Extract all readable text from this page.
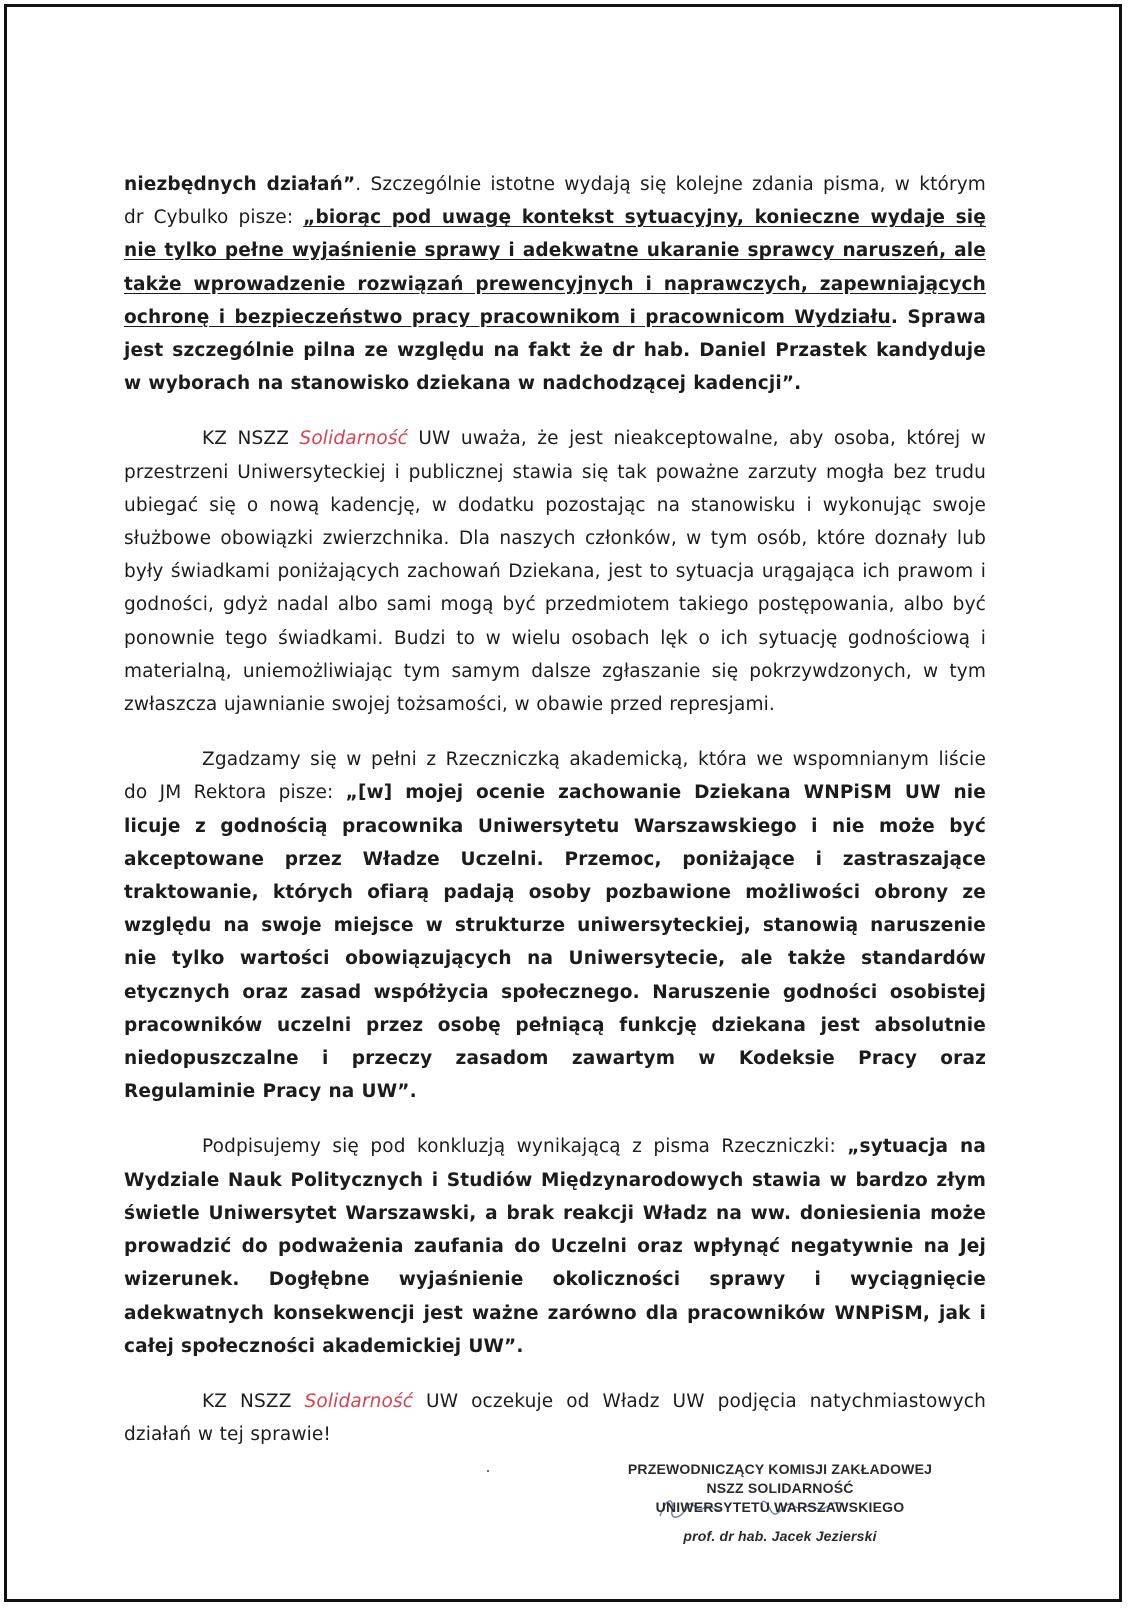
niezbędnych działań”. Szczególnie istotne wydają się kolejne zdania pisma, w którym dr Cybulko pisze: „biorąc pod uwagę kontekst sytuacyjny, konieczne wydaje się nie tylko pełne wyjaśnienie sprawy i adekwatne ukaranie sprawcy naruszeń, ale także wprowadzenie rozwiązań prewencyjnych i naprawczych, zapewniających ochronę i bezpieczeństwo pracy pracownikom i pracownicom Wydziału. Sprawa jest szczególnie pilna ze względu na fakt że dr hab. Daniel Przastek kandyduje w wyborach na stanowisko dziekana w nadchodzącej kadencji”.

KZ NSZZ Solidarność UW uważa, że jest nieakceptowalne, aby osoba, której w przestrzeni Uniwersyteckiej i publicznej stawia się tak poważne zarzuty mogła bez trudu ubiegać się o nową kadencję, w dodatku pozostając na stanowisku i wykonując swoje służbowe obowiązki zwierzchnika. Dla naszych członków, w tym osób, które doznały lub były świadkami poniżających zachowań Dziekana, jest to sytuacja urągająca ich prawom i godności, gdyż nadal albo sami mogą być przedmiotem takiego postępowania, albo być ponownie tego świadkami. Budzi to w wielu osobach lęk o ich sytuację godnościową i materialną, uniemożliwiając tym samym dalsze zgłaszanie się pokrzywdzonych, w tym zwłaszcza ujawnianie swojej tożsamości, w obawie przed represjami.

Zgadzamy się w pełni z Rzeczniczką akademicką, która we wspomnianym liście do JM Rektora pisze: „[w] mojej ocenie zachowanie Dziekana WNPiSM UW nie licuje z godnością pracownika Uniwersytetu Warszawskiego i nie może być akceptowane przez Władze Uczelni. Przemoc, poniżające i zastraszające traktowanie, których ofiarą padają osoby pozbawione możliwości obrony ze względu na swoje miejsce w strukturze uniwersyteckiej, stanowią naruszenie nie tylko wartości obowiązujących na Uniwersytecie, ale także standardów etycznych oraz zasad współżycia społecznego. Naruszenie godności osobistej pracowników uczelni przez osobę pełniącą funkcję dziekana jest absolutnie niedopuszczalne i przeczy zasadom zawartym w Kodeksie Pracy oraz Regulaminie Pracy na UW”.

Podpisujemy się pod konkluzją wynikającą z pisma Rzeczniczki: „sytuacja na Wydziale Nauk Politycznych i Studiów Międzynarodowych stawia w bardzo złym świetle Uniwersytet Warszawski, a brak reakcji Władz na ww. doniesienia może prowadzić do podważenia zaufania do Uczelni oraz wpłynąć negatywnie na Jej wizerunek. Dogłębne wyjaśnienie okoliczności sprawy i wyciągnięcie adekwatnych konsekwencji jest ważne zarówno dla pracowników WNPiSM, jak i całej społeczności akademickiej UW”.

KZ NSZZ Solidarność UW oczekuje od Władz UW podjęcia natychmiastowych działań w tej sprawie!

PRZEWODNICZĄCY KOMISJI ZAKŁADOWEJ
NSZZ SOLIDARNOŚĆ
UNIWERSYTETU WARSZAWSKIEGO
prof. dr hab. Jacek Jezierski
